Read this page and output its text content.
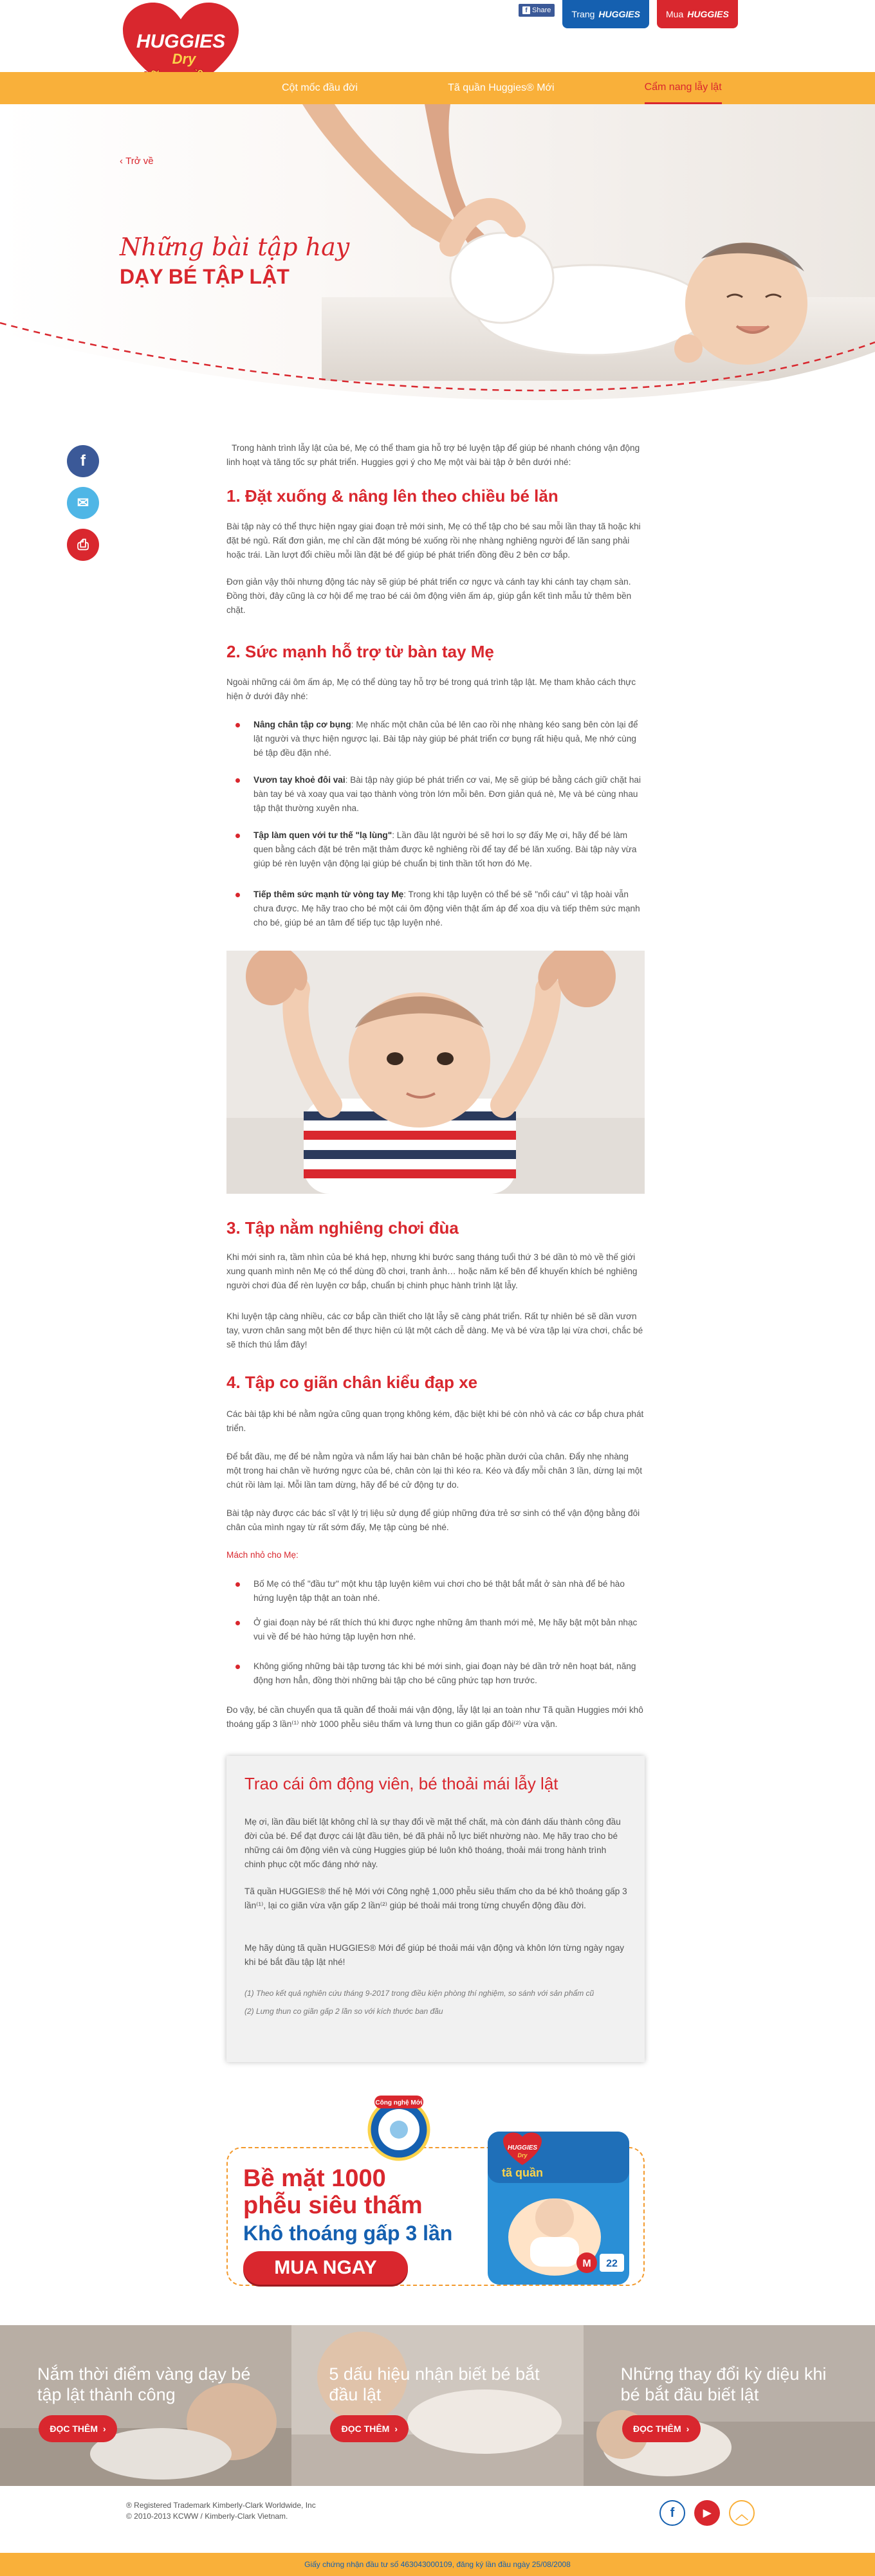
HUGGIES
Dry
f Share Trang HUGGIES	Mua HUGGIES
Cột mốc đầu đời	Tã quần Huggies® Mới	Cẩm nang lẫy lật
‹ Trở về
Những bài tập hay
DẠY BÉ TẬP LẬT
f
✉
⎙

Trong hành trình lẫy lật của bé, Mẹ có thể tham gia hỗ trợ bé luyện tập để giúp bé nhanh chóng vận động linh hoạt và tăng tốc sự phát triển. Huggies gợi ý cho Mẹ một vài bài tập ở bên dưới nhé:

1. Đặt xuống & nâng lên theo chiều bé lăn

Bài tập này có thể thực hiện ngay giai đoạn trẻ mới sinh, Mẹ có thể tập cho bé sau mỗi lần thay tã hoặc khi đặt bé ngủ. Rất đơn giản, mẹ chỉ cần đặt móng bé xuống rồi nhẹ nhàng nghiêng người để lăn sang phải hoặc trái. Lần lượt đổi chiều mỗi lần đặt bé để giúp bé phát triển đồng đều 2 bên cơ bắp.

Đơn giản vậy thôi nhưng động tác này sẽ giúp bé phát triển cơ ngực và cánh tay khi cánh tay chạm sàn. Đồng thời, đây cũng là cơ hội để mẹ trao bé cái ôm động viên ấm áp, giúp gắn kết tình mẫu tử thêm bền chặt.

2. Sức mạnh hỗ trợ từ bàn tay Mẹ

Ngoài những cái ôm ấm áp, Mẹ có thể dùng tay hỗ trợ bé trong quá trình tập lật. Mẹ tham khảo cách thực hiện ở dưới đây nhé:

Nâng chân tập cơ bụng: Mẹ nhấc một chân của bé lên cao rồi nhẹ nhàng kéo sang bên còn lại để lật người và thực hiện ngược lại. Bài tập này giúp bé phát triển cơ bụng rất hiệu quả, Mẹ nhớ cùng bé tập đều đặn nhé.
Vươn tay khoẻ đôi vai: Bài tập này giúp bé phát triển cơ vai, Mẹ sẽ giúp bé bằng cách giữ chặt hai bàn tay bé và xoay qua vai tạo thành vòng tròn lớn mỗi bên. Đơn giản quá nè, Mẹ và bé cùng nhau tập thật thường xuyên nha.
Tập làm quen với tư thế "lạ lùng": Lần đầu lật người bé sẽ hơi lo sợ đấy Mẹ ơi, hãy để bé làm quen bằng cách đặt bé trên mặt thảm được kê nghiêng rồi để tay để bé lăn xuống. Bài tập này vừa giúp bé rèn luyện vận động lại giúp bé chuẩn bị tinh thần tốt hơn đó Mẹ.
Tiếp thêm sức mạnh từ vòng tay Mẹ: Trong khi tập luyện có thể bé sẽ "nổi cáu" vì tập hoài vẫn chưa được. Mẹ hãy trao cho bé một cái ôm động viên thật ấm áp để xoa dịu và tiếp thêm sức mạnh cho bé, giúp bé an tâm để tiếp tục tập luyện nhé.
3. Tập nằm nghiêng chơi đùa

Khi mới sinh ra, tầm nhìn của bé khá hẹp, nhưng khi bước sang tháng tuổi thứ 3 bé dần tò mò về thế giới xung quanh mình nên Mẹ có thể dùng đồ chơi, tranh ảnh… hoặc năm kế bên để khuyến khích bé nghiêng người chơi đùa để rèn luyện cơ bắp, chuẩn bị chinh phục hành trình lật lẫy.

Khi luyện tập càng nhiều, các cơ bắp cần thiết cho lật lẫy sẽ càng phát triển. Rất tự nhiên bé sẽ dần vươn tay, vươn chân sang một bên để thực hiện cú lật một cách dễ dàng. Mẹ và bé vừa tập lại vừa chơi, chắc bé sẽ thích thú lắm đây!

4. Tập co giãn chân kiểu đạp xe

Các bài tập khi bé nằm ngửa cũng quan trọng không kém, đặc biệt khi bé còn nhỏ và các cơ bắp chưa phát triển.

Để bắt đầu, mẹ để bé nằm ngửa và nắm lấy hai bàn chân bé hoặc phần dưới của chân. Đẩy nhẹ nhàng một trong hai chân về hướng ngực của bé, chân còn lại thì kéo ra. Kéo và đẩy mỗi chân 3 lần, dừng lại một chút rồi làm lại. Mỗi lần tam dừng, hãy để bé cử động tự do.

Bài tập này được các bác sĩ vật lý trị liệu sử dụng để giúp những đứa trẻ sơ sinh có thể vận động bằng đôi chân của mình ngay từ rất sớm đấy, Mẹ tập cùng bé nhé.

Mách nhỏ cho Mẹ:
Bố Mẹ có thể "đầu tư" một khu tập luyện kiêm vui chơi cho bé thật bắt mắt ở sàn nhà để bé hào hứng luyện tập thật an toàn nhé.
Ở giai đoạn này bé rất thích thú khi được nghe những âm thanh mới mẻ, Mẹ hãy bật một bản nhạc vui về để bé hào hứng tập luyện hơn nhé.
Không giống những bài tập tương tác khi bé mới sinh, giai đoạn này bé dần trở nên hoạt bát, năng động hơn hẳn, đồng thời những bài tập cho bé cũng phức tạp hơn trước.

Đo vậy, bé cần chuyển qua tã quần để thoải mái vận động, lẫy lật lại an toàn như Tã quần Huggies mới khô thoáng gấp 3 lần⁽¹⁾ nhờ 1000 phễu siêu thấm và lưng thun co giãn gấp đôi⁽²⁾ vừa vặn.

Trao cái ôm động viên, bé thoải mái lẫy lật

Mẹ ơi, lần đầu biết lật không chỉ là sự thay đổi về mặt thể chất, mà còn đánh dấu thành công đầu đời của bé. Để đạt được cái lật đầu tiên, bé đã phải nỗ lực biết nhường nào. Mẹ hãy trao cho bé những cái ôm động viên và cùng Huggies giúp bé luôn khô thoáng, thoải mái trong hành trình chinh phục cột mốc đáng nhớ này.

Tã quần HUGGIES® thế hệ Mới với Công nghệ 1,000 phễu siêu thấm cho da bé khô thoáng gấp 3 lần⁽¹⁾, lại co giãn vừa vặn gấp 2 lần⁽²⁾ giúp bé thoải mái trong từng chuyển động đầu đời.

Mẹ hãy dùng tã quần HUGGIES® Mới để giúp bé thoải mái vận động và khôn lớn từng ngày ngay khi bé bắt đầu tập lật nhé!

(1) Theo kết quả nghiên cứu tháng 9-2017 trong điều kiện phòng thí nghiệm, so sánh với sản phẩm cũ

(2) Lưng thun co giãn gấp 2 lần so với kích thước ban đầu

Công nghệ Mới
Bề mặt 1000
phễu siêu thấm
Khô thoáng gấp 3 lần
MUA NGAY
HUGGIES
Dry
tã quần
M 22
Nắm thời điểm vàng dạy bé tập lật thành công
ĐỌC THÊM ›
5 dấu hiệu nhận biết bé bắt đầu lật
ĐỌC THÊM ›
Những thay đổi kỳ diệu khi bé bắt đầu biết lật
ĐỌC THÊM ›
® Registered Trademark Kimberly-Clark Worldwide, Inc
© 2010-2013 KCWW / Kimberly-Clark Vietnam.	f	▶	︿
Giấy chứng nhận đầu tư số 463043000109, đăng ký lần đầu ngày 25/08/2008
